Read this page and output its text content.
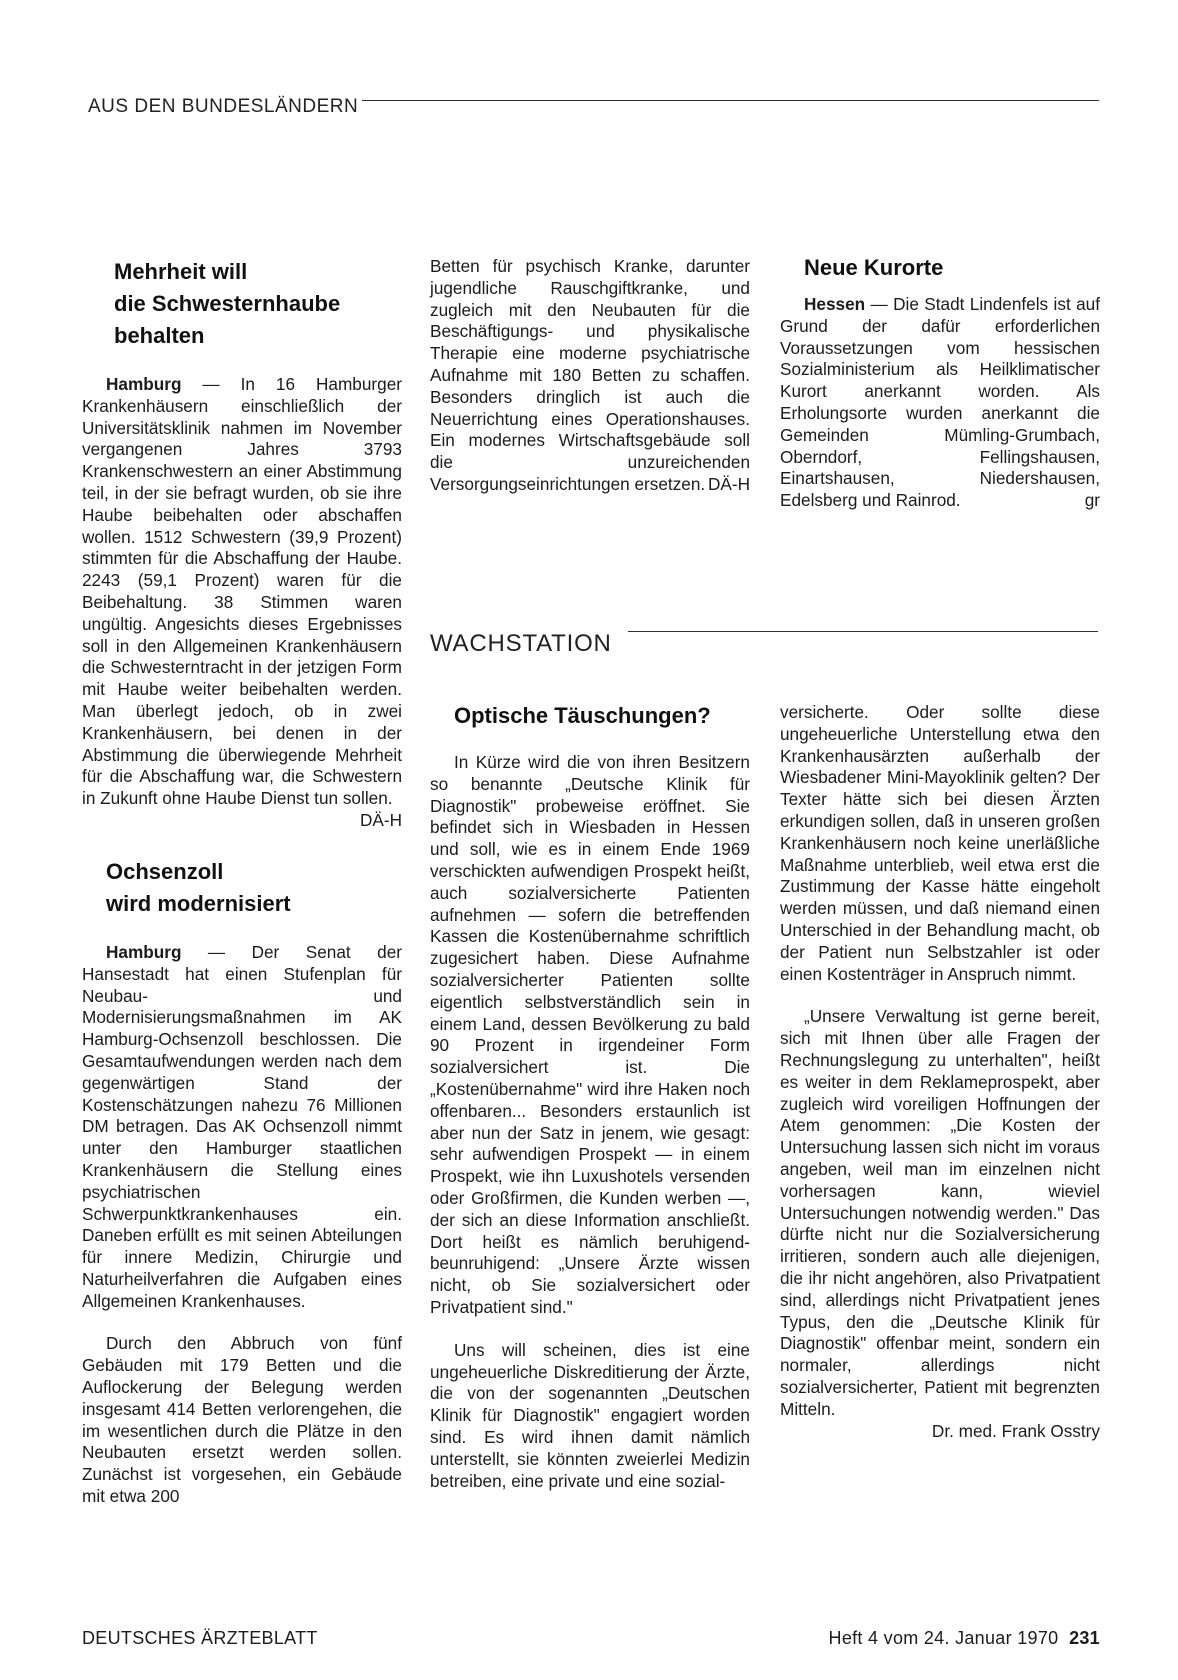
AUS DEN BUNDESLÄNDERN

Mehrheit will

die Schwesternhaube

behalten

Hamburg — In 16 Hamburger Krankenhäusern einschließlich der Universitätsklinik nahmen im November vergangenen Jahres 3793 Krankenschwestern an einer Abstimmung teil, in der sie befragt wurden, ob sie ihre Haube beibehalten oder abschaffen wollen. 1512 Schwestern (39,9 Prozent) stimmten für die Abschaffung der Haube. 2243 (59,1 Prozent) waren für die Beibehaltung. 38 Stimmen waren ungültig. Angesichts dieses Ergebnisses soll in den Allgemeinen Krankenhäusern die Schwesterntracht in der jetzigen Form mit Haube weiter beibehalten werden. Man überlegt jedoch, ob in zwei Krankenhäusern, bei denen in der Abstimmung die überwiegende Mehrheit für die Abschaffung war, die Schwestern in Zukunft ohne Haube Dienst tun sollen.
DÄ-H

Ochsenzoll

wird modernisiert

Hamburg — Der Senat der Hansestadt hat einen Stufenplan für Neubau- und Modernisierungsmaßnahmen im AK Hamburg-Ochsenzoll beschlossen. Die Gesamtaufwendungen werden nach dem gegenwärtigen Stand der Kostenschätzungen nahezu 76 Millionen DM betragen. Das AK Ochsenzoll nimmt unter den Hamburger staatlichen Krankenhäusern die Stellung eines psychiatrischen Schwerpunktkrankenhauses ein. Daneben erfüllt es mit seinen Abteilungen für innere Medizin, Chirurgie und Naturheilverfahren die Aufgaben eines Allgemeinen Krankenhauses.

Durch den Abbruch von fünf Gebäuden mit 179 Betten und die Auflockerung der Belegung werden insgesamt 414 Betten verlorengehen, die im wesentlichen durch die Plätze in den Neubauten ersetzt werden sollen. Zunächst ist vorgesehen, ein Gebäude mit etwa 200

Betten für psychisch Kranke, darunter jugendliche Rauschgiftkranke, und zugleich mit den Neubauten für die Beschäftigungs- und physikalische Therapie eine moderne psychiatrische Aufnahme mit 180 Betten zu schaffen. Besonders dringlich ist auch die Neuerrichtung eines Operationshauses. Ein modernes Wirtschaftsgebäude soll die unzureichenden Versorgungseinrichtungen ersetzen. DÄ-H

Neue Kurorte

Hessen — Die Stadt Lindenfels ist auf Grund der dafür erforderlichen Voraussetzungen vom hessischen Sozialministerium als Heilklimatischer Kurort anerkannt worden. Als Erholungsorte wurden anerkannt die Gemeinden Mümling-Grumbach, Oberndorf, Fellingshausen, Einartshausen, Niedershausen, Edelsberg und Rainrod.	gr

WACHSTATION

Optische Täuschungen?

In Kürze wird die von ihren Besitzern so benannte „Deutsche Klinik für Diagnostik" probeweise eröffnet. Sie befindet sich in Wiesbaden in Hessen und soll, wie es in einem Ende 1969 verschickten aufwendigen Prospekt heißt, auch sozialversicherte Patienten aufnehmen — sofern die betreffenden Kassen die Kostenübernahme schriftlich zugesichert haben. Diese Aufnahme sozialversicherter Patienten sollte eigentlich selbstverständlich sein in einem Land, dessen Bevölkerung zu bald 90 Prozent in irgendeiner Form sozialversichert ist. Die „Kostenübernahme" wird ihre Haken noch offenbaren... Besonders erstaunlich ist aber nun der Satz in jenem, wie gesagt: sehr aufwendigen Prospekt — in einem Prospekt, wie ihn Luxushotels versenden oder Großfirmen, die Kunden werben —, der sich an diese Information anschließt. Dort heißt es nämlich beruhigend-beunruhigend: „Unsere Ärzte wissen nicht, ob Sie sozialversichert oder Privatpatient sind."

Uns will scheinen, dies ist eine ungeheuerliche Diskreditierung der Ärzte, die von der sogenannten „Deutschen Klinik für Diagnostik" engagiert worden sind. Es wird ihnen damit nämlich unterstellt, sie könnten zweierlei Medizin betreiben, eine private und eine sozial-

versicherte. Oder sollte diese ungeheuerliche Unterstellung etwa den Krankenhausärzten außerhalb der Wiesbadener Mini-Mayoklinik gelten? Der Texter hätte sich bei diesen Ärzten erkundigen sollen, daß in unseren großen Krankenhäusern noch keine unerläßliche Maßnahme unterblieb, weil etwa erst die Zustimmung der Kasse hätte eingeholt werden müssen, und daß niemand einen Unterschied in der Behandlung macht, ob der Patient nun Selbstzahler ist oder einen Kostenträger in Anspruch nimmt.

„Unsere Verwaltung ist gerne bereit, sich mit Ihnen über alle Fragen der Rechnungslegung zu unterhalten", heißt es weiter in dem Reklameprospekt, aber zugleich wird voreiligen Hoffnungen der Atem genommen: „Die Kosten der Untersuchung lassen sich nicht im voraus angeben, weil man im einzelnen nicht vorhersagen kann, wieviel Untersuchungen notwendig werden." Das dürfte nicht nur die Sozialversicherung irritieren, sondern auch alle diejenigen, die ihr nicht angehören, also Privatpatient sind, allerdings nicht Privatpatient jenes Typus, den die „Deutsche Klinik für Diagnostik" offenbar meint, sondern ein normaler, allerdings nicht sozialversicherter, Patient mit begrenzten Mitteln.

Dr. med. Frank Osstry

DEUTSCHES ÄRZTEBLATT	Heft 4 vom 24. Januar 1970 231
